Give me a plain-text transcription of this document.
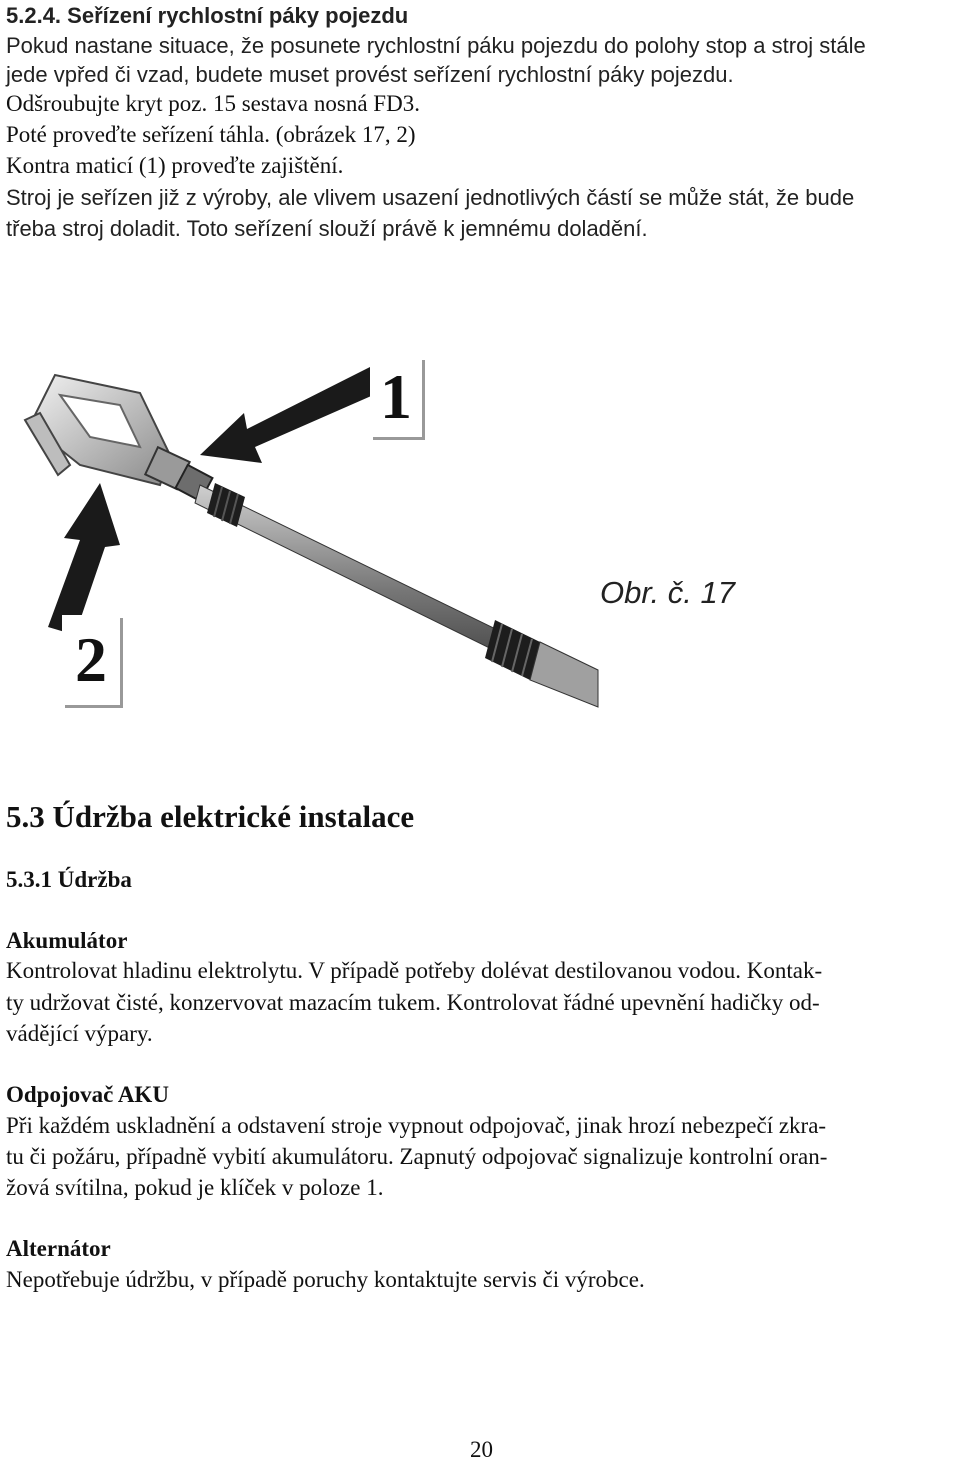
5.2.4. Seřízení rychlostní páky pojezdu
Pokud nastane situace, že posunete rychlostní páku pojezdu do polohy stop a stroj stále
jede vpřed či vzad, budete muset provést seřízení rychlostní páky pojezdu.
Odšroubujte kryt poz. 15 sestava nosná FD3.
Poté proveďte seřízení táhla. (obrázek 17, 2)
Kontra maticí (1) proveďte zajištění.
Stroj je seřízen již z výroby, ale vlivem usazení jednotlivých částí se může stát, že bude
třeba stroj doladit. Toto seřízení slouží právě k jemnému doladění.
1
2
Obr. č. 17
5.3 Údržba elektrické instalace
5.3.1 Údržba
Akumulátor
Kontrolovat hladinu elektrolytu. V případě potřeby dolévat destilovanou vodou. Kontak-
ty udržovat čisté, konzervovat mazacím tukem. Kontrolovat řádné upevnění hadičky od-
vádějící výpary.
Odpojovač AKU
Při každém uskladnění a odstavení stroje vypnout odpojovač, jinak hrozí nebezpečí zkra-
tu či požáru, případně vybití akumulátoru. Zapnutý odpojovač signalizuje kontrolní oran-
žová svítilna, pokud je klíček v poloze 1.
Alternátor
Nepotřebuje údržbu, v případě poruchy kontaktujte servis či výrobce.
20
